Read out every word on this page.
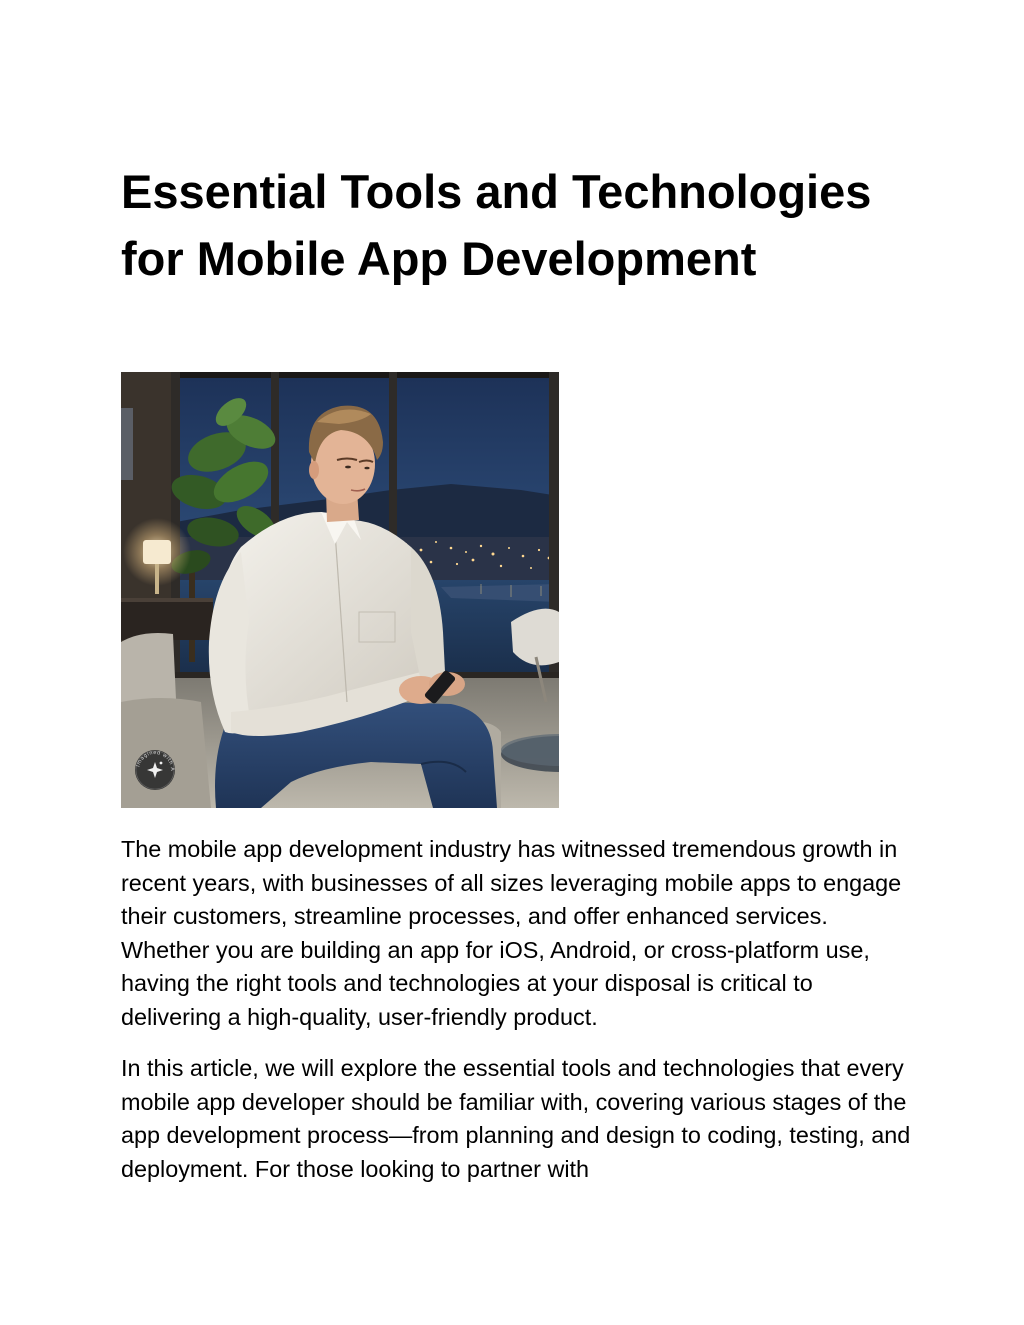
Essential Tools and Technologies for Mobile App Development
Imagined with A

The mobile app development industry has witnessed tremendous growth in recent years, with businesses of all sizes leveraging mobile apps to engage their customers, streamline processes, and offer enhanced services. Whether you are building an app for iOS, Android, or cross-platform use, having the right tools and technologies at your disposal is critical to delivering a high-quality, user-friendly product.

In this article, we will explore the essential tools and technologies that every mobile app developer should be familiar with, covering various stages of the app development process—from planning and design to coding, testing, and deployment. For those looking to partner with
